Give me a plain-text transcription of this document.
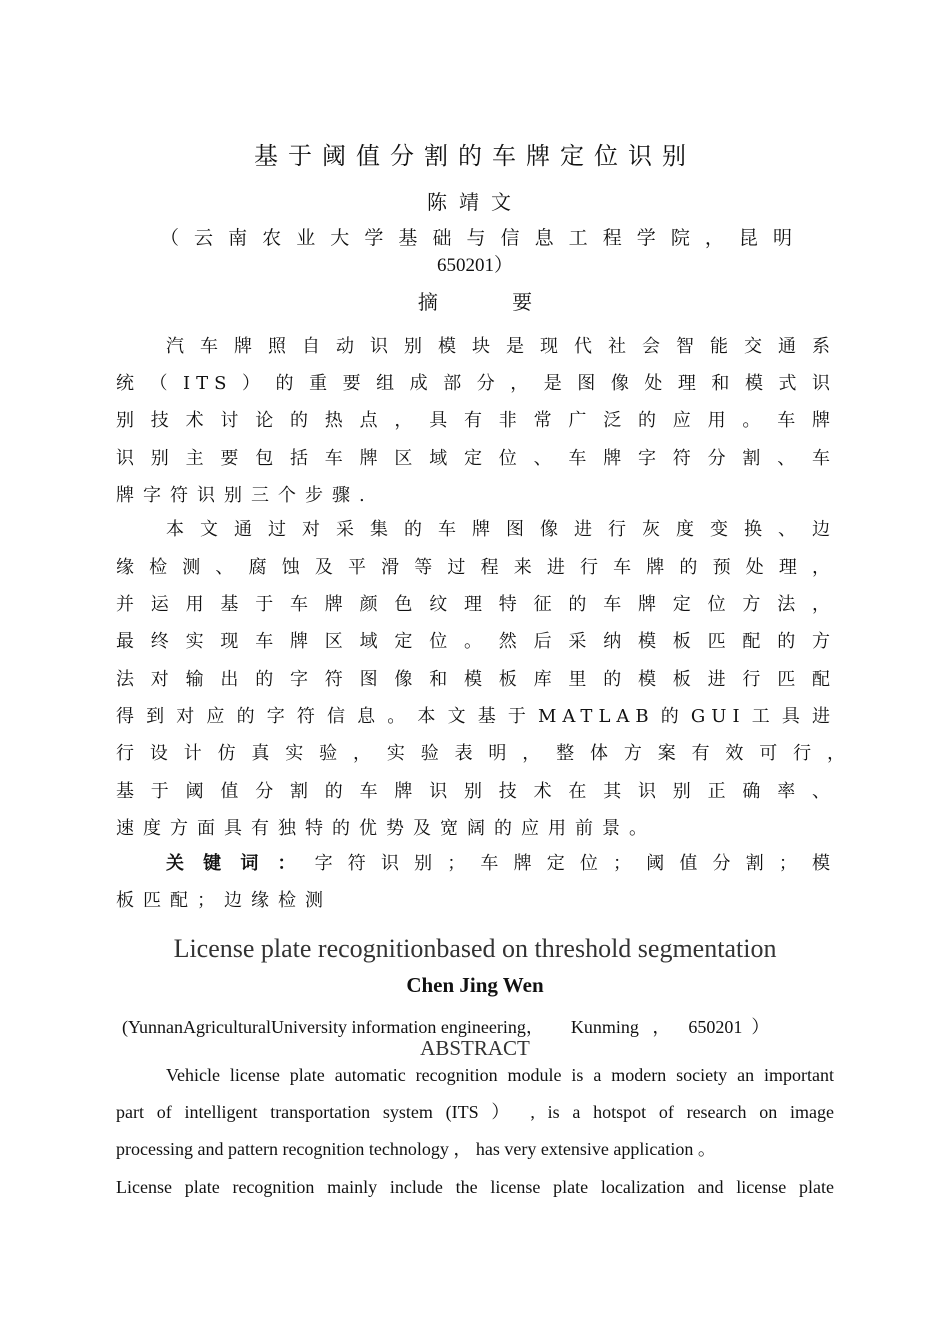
基于阈值分割的车牌定位识别
陈靖文
（云南农业大学基础与信息工程学院，昆明
650201）
摘	要
汽车牌照自动识别模块是现代社会智能交通系
统（ITS）的重要组成部分，是图像处理和模式识
别技术讨论的热点，具有非常广泛的应用。车牌
识别主要包括车牌区域定位、车牌字符分割、车
牌字符识别三个步骤.
本文通过对采集的车牌图像进行灰度变换、边
缘检测、腐蚀及平滑等过程来进行车牌的预处理，
并运用基于车牌颜色纹理特征的车牌定位方法，
最终实现车牌区域定位。然后采纳模板匹配的方
法对输出的字符图像和模板库里的模板进行匹配
得到对应的字符信息。本文基于MATLAB的GUI工具进
行设计仿真实验，实验表明，整体方案有效可行，
基于阈值分割的车牌识别技术在其识别正确率、
速度方面具有独特的优势及宽阔的应用前景。
关键词：字符识别；车牌定位；阈值分割；模
板匹配；边缘检测
License plate recognitionbased on threshold segmentation
Chen Jing Wen
(YunnanAgriculturalUniversity information engineering，      Kunming   ，    650201  ）
ABSTRACT
Vehicle license plate automatic recognition module is a modern society an important
part of intelligent transportation system (ITS ） , is a hotspot of research on image
processing and pattern recognition technology ， has very extensive application 。
License plate recognition mainly include the license plate localization and license plate
